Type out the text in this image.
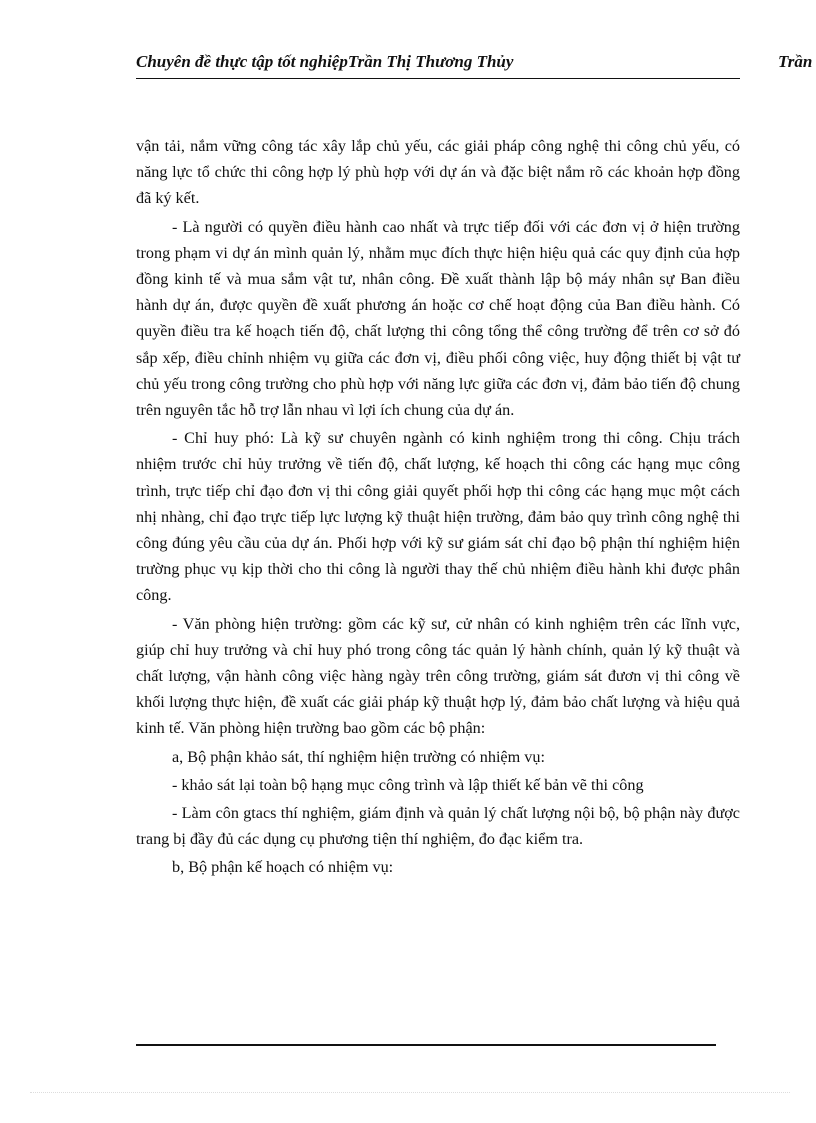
Chuyên đề thực tập tốt nghiệpTrần Thị Thương Thủy	Trần

vận tải, nắm vững công tác xây lắp chủ yếu, các giải pháp công nghệ thi công chủ yếu, có năng lực tổ chức thi công hợp lý phù hợp với dự án và đặc biệt nắm rõ các khoản hợp đồng đã ký kết.

- Là người có quyền điều hành cao nhất và trực tiếp đối với các đơn vị ở hiện trường trong phạm vi dự án mình quản lý, nhằm mục đích thực hiện hiệu quả các quy định của hợp đồng kinh tế và mua sắm vật tư, nhân công. Đề xuất thành lập bộ máy nhân sự Ban điều hành dự án, được quyền đề xuất phương án hoặc cơ chế hoạt động của Ban điều hành. Có quyền điều tra kế hoạch tiến độ, chất lượng thi công tổng thể công trường để trên cơ sở đó sắp xếp, điều chỉnh nhiệm vụ giữa các đơn vị, điều phối công việc, huy động thiết bị vật tư chủ yếu trong công trường cho phù hợp với năng lực giữa các đơn vị, đảm bảo tiến độ chung trên nguyên tắc hỗ trợ lẫn nhau vì lợi ích chung của dự án.

- Chỉ huy phó: Là kỹ sư chuyên ngành có kinh nghiệm trong thi công. Chịu trách nhiệm trước chỉ hủy trưởng về tiến độ, chất lượng, kế hoạch thi công các hạng mục công trình, trực tiếp chỉ đạo đơn vị thi công giải quyết phối hợp thi công các hạng mục một cách nhị nhàng, chỉ đạo trực tiếp lực lượng kỹ thuật hiện trường, đảm bảo quy trình công nghệ thi công đúng yêu cầu của dự án. Phối hợp với kỹ sư giám sát chỉ đạo bộ phận thí nghiệm hiện trường phục vụ kịp thời cho thi công là người thay thế chủ nhiệm điều hành khi được phân công.

- Văn phòng hiện trường: gồm các kỹ sư, cử nhân có kinh nghiệm trên các lĩnh vực, giúp chỉ huy trưởng và chỉ huy phó trong công tác quản lý hành chính, quản lý kỹ thuật và chất lượng, vận hành công việc hàng ngày trên công trường, giám sát đươn vị thi công về khối lượng thực hiện, đề xuất các giải pháp kỹ thuật hợp lý, đảm bảo chất lượng và hiệu quả kinh tế. Văn phòng hiện trường bao gồm các bộ phận:

a, Bộ phận khảo sát, thí nghiệm hiện trường có nhiệm vụ:

- khảo sát lại toàn bộ hạng mục công trình và lập thiết kế bản vẽ thi công

- Làm côn gtacs thí nghiệm, giám định và quản lý chất lượng nội bộ, bộ phận này được trang bị đầy đủ các dụng cụ phương tiện thí nghiệm, đo đạc kiểm tra.

b, Bộ phận kế hoạch có nhiệm vụ:
